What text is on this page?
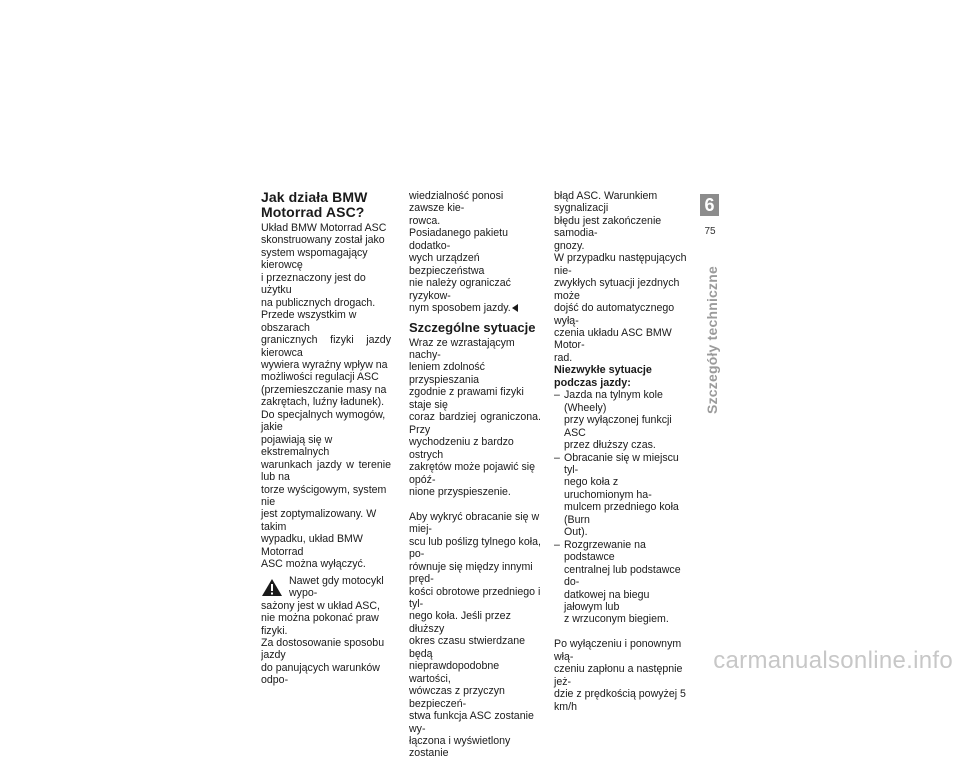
Jak działa BMW Motorrad ASC?

Układ BMW Motorrad ASC

skonstruowany został jako

system wspomagający kierowcę

i przeznaczony jest do użytku

na publicznych drogach.

Przede wszystkim w obszarach

granicznych fizyki jazdy kierowca

wywiera wyraźny wpływ na

możliwości regulacji ASC

(przemieszczanie masy na

zakrętach, luźny ładunek).

Do specjalnych wymogów, jakie

pojawiają się w ekstremalnych

warunkach jazdy w terenie lub na

torze wyścigowym, system nie

jest zoptymalizowany. W takim

wypadku, układ BMW Motorrad

ASC można wyłączyć.

Nawet gdy motocykl wypo-

sażony jest w układ ASC,

nie można pokonać praw fizyki.

Za dostosowanie sposobu jazdy

do panujących warunków odpo-

wiedzialność ponosi zawsze kie-

rowca.

Posiadanego pakietu dodatko-

wych urządzeń bezpieczeństwa

nie należy ograniczać ryzykow-

nym sposobem jazdy.

Szczególne sytuacje

Wraz ze wzrastającym nachy-

leniem zdolność przyspieszania

zgodnie z prawami fizyki staje się

coraz bardziej ograniczona. Przy

wychodzeniu z bardzo ostrych

zakrętów może pojawić się opóź-

nione przyspieszenie.

Aby wykryć obracanie się w miej-

scu lub poślizg tylnego koła, po-

równuje się między innymi pręd-

kości obrotowe przedniego i tyl-

nego koła. Jeśli przez dłuższy

okres czasu stwierdzane będą

nieprawdopodobne wartości,

wówczas z przyczyn bezpieczeń-

stwa funkcja ASC zostanie wy-

łączona i wyświetlony zostanie

błąd ASC. Warunkiem sygnalizacji

błędu jest zakończenie samodia-

gnozy.

W przypadku następujących nie-

zwykłych sytuacji jezdnych może

dojść do automatycznego wyłą-

czenia układu ASC BMW Motor-

rad.

Niezwykłe sytuacje podczas jazdy:
– Jazda na tylnym kole (Wheely)

przy wyłączonej funkcji ASC

przez dłuższy czas.

– Obracanie się w miejscu tyl-

nego koła z uruchomionym ha-

mulcem przedniego koła (Burn

Out).

– Rozgrzewanie na podstawce

centralnej lub podstawce do-

datkowej na biegu jałowym lub

z wrzuconym biegiem.

Po wyłączeniu i ponownym włą-

czeniu zapłonu a następnie jeż-

dzie z prędkością powyżej 5 km/h

6
75
Szczegóły techniczne
carmanualsonline.info
